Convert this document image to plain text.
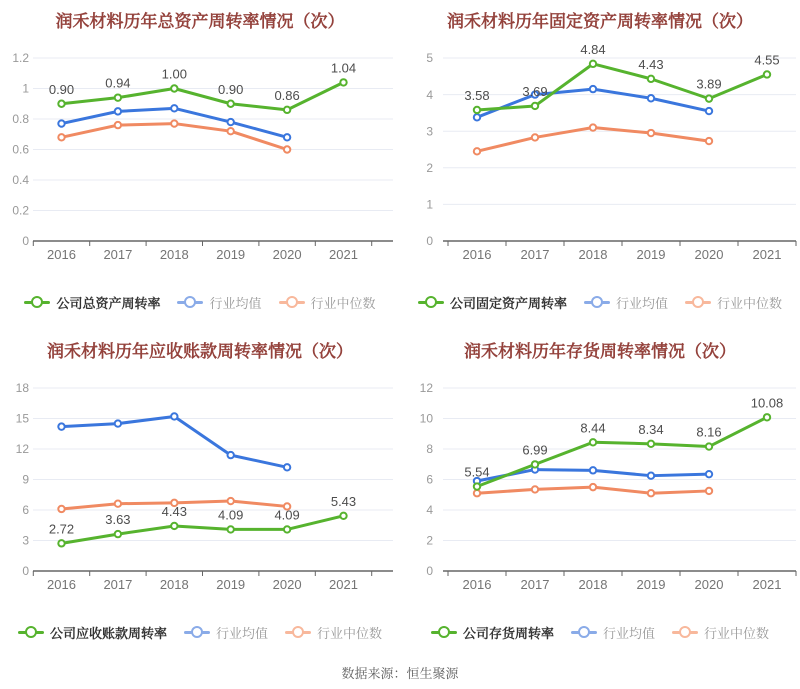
0
0.2
0.4
0.6
0.8
1
1.2
2016 2017 2018 2019 2020 2021
0.90 0.94
1.00
0.90 0.86
1.04
润禾材料历年总资产周转率情况（次）
公司总资产周转率	行业均值	行业中位数
0
1
2
3
4
5
2016 2017 2018 2019 2020 2021
3.58	3.69
4.84
4.43
3.89
4.55
润禾材料历年固定资产周转率情况（次）
公司固定资产周转率	行业均值	行业中位数
0
3
6
9
12
15
18
2016 2017 2018 2019 2020 2021
2.72
3.63
4.43 4.09 4.09
5.43
润禾材料历年应收账款周转率情况（次）
公司应收账款周转率	行业均值	行业中位数
0
2
4
6
8
10
12
2016 2017 2018 2019 2020 2021
5.54
6.99
8.44	8.34	8.16
10.08
润禾材料历年存货周转率情况（次）
公司存货周转率	行业均值	行业中位数
数据来源：恒生聚源
